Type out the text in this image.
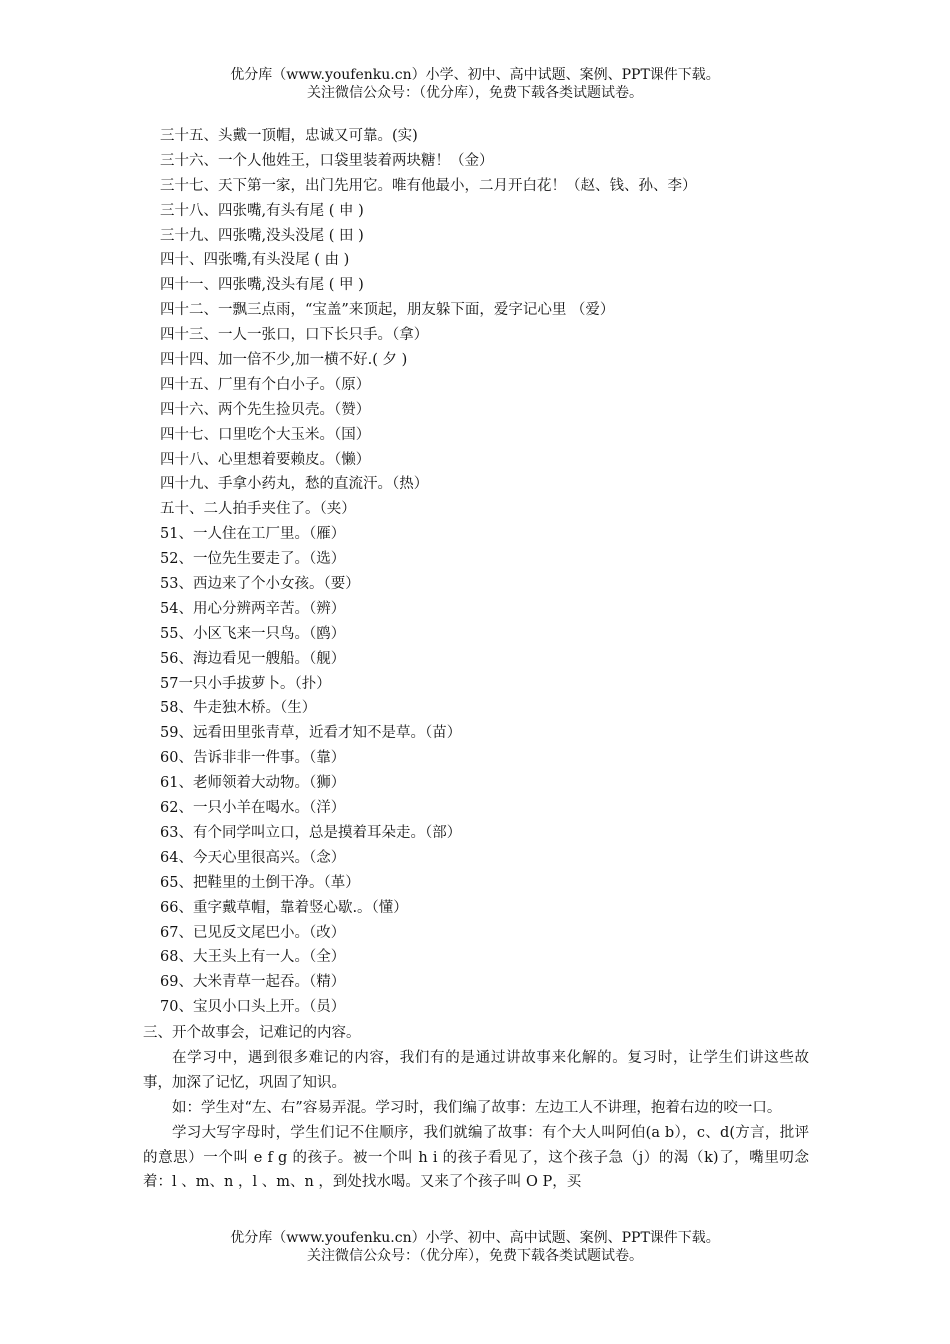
优分库（www.youfenku.cn）小学、初中、高中试题、案例、PPT课件下载。
关注微信公众号：（优分库），免费下载各类试题试卷。
三十五、头戴一顶帽，忠诚又可靠。(实)
三十六、一个人他姓王，口袋里装着两块糖！（金）
三十七、天下第一家，出门先用它。唯有他最小，二月开白花！（赵、钱、孙、李）
三十八、四张嘴,有头有尾 ( 申 )
三十九、四张嘴,没头没尾 ( 田 )
四十、四张嘴,有头没尾 ( 由 )
四十一、四张嘴,没头有尾 ( 甲 )
四十二、一飘三点雨，“宝盖”来顶起，朋友躲下面，爱字记心里 （爱）
四十三、一人一张口，口下长只手。（拿）
四十四、加一倍不少,加一横不好.( 夕 )
四十五、厂里有个白小子。（原）
四十六、两个先生捡贝壳。（赞）
四十七、口里吃个大玉米。（国）
四十八、心里想着要赖皮。（懒）
四十九、手拿小药丸，愁的直流汗。（热）
五十、二人拍手夹住了。（夹）
51、一人住在工厂里。（雁）
52、一位先生要走了。（选）
53、西边来了个小女孩。（要）
54、用心分辨两辛苦。（辨）
55、小区飞来一只鸟。（鸥）
56、海边看见一艘船。（舰）
57一只小手拔萝卜。（扑）
58、牛走独木桥。（生）
59、远看田里张青草，近看才知不是草。（苗）
60、告诉非非一件事。（靠）
61、老师领着大动物。（狮）
62、一只小羊在喝水。（洋）
63、有个同学叫立口，总是摸着耳朵走。（部）
64、今天心里很高兴。（念）
65、把鞋里的土倒干净。（革）
66、重字戴草帽，靠着竖心歇.。（懂）
67、已见反文尾巴小。（改）
68、大王头上有一人。（全）
69、大米青草一起吞。（精）
70、宝贝小口头上开。（员）

三、开个故事会，记难记的内容。

在学习中，遇到很多难记的内容，我们有的是通过讲故事来化解的。复习时，让学生们讲这些故事，加深了记忆，巩固了知识。

如：学生对“左、右”容易弄混。学习时，我们编了故事：左边工人不讲理，抱着右边的咬一口。

学习大写字母时，学生们记不住顺序，我们就编了故事：有个大人叫阿伯(a b），c、d(方言，批评的意思）一个叫 e f g 的孩子。被一个叫 h i 的孩子看见了，这个孩子急（j）的渴（k)了，嘴里叨念着：l 、m、n ，l 、m、n ，到处找水喝。又来了个孩子叫 O P，买

优分库（www.youfenku.cn）小学、初中、高中试题、案例、PPT课件下载。
关注微信公众号：（优分库），免费下载各类试题试卷。
